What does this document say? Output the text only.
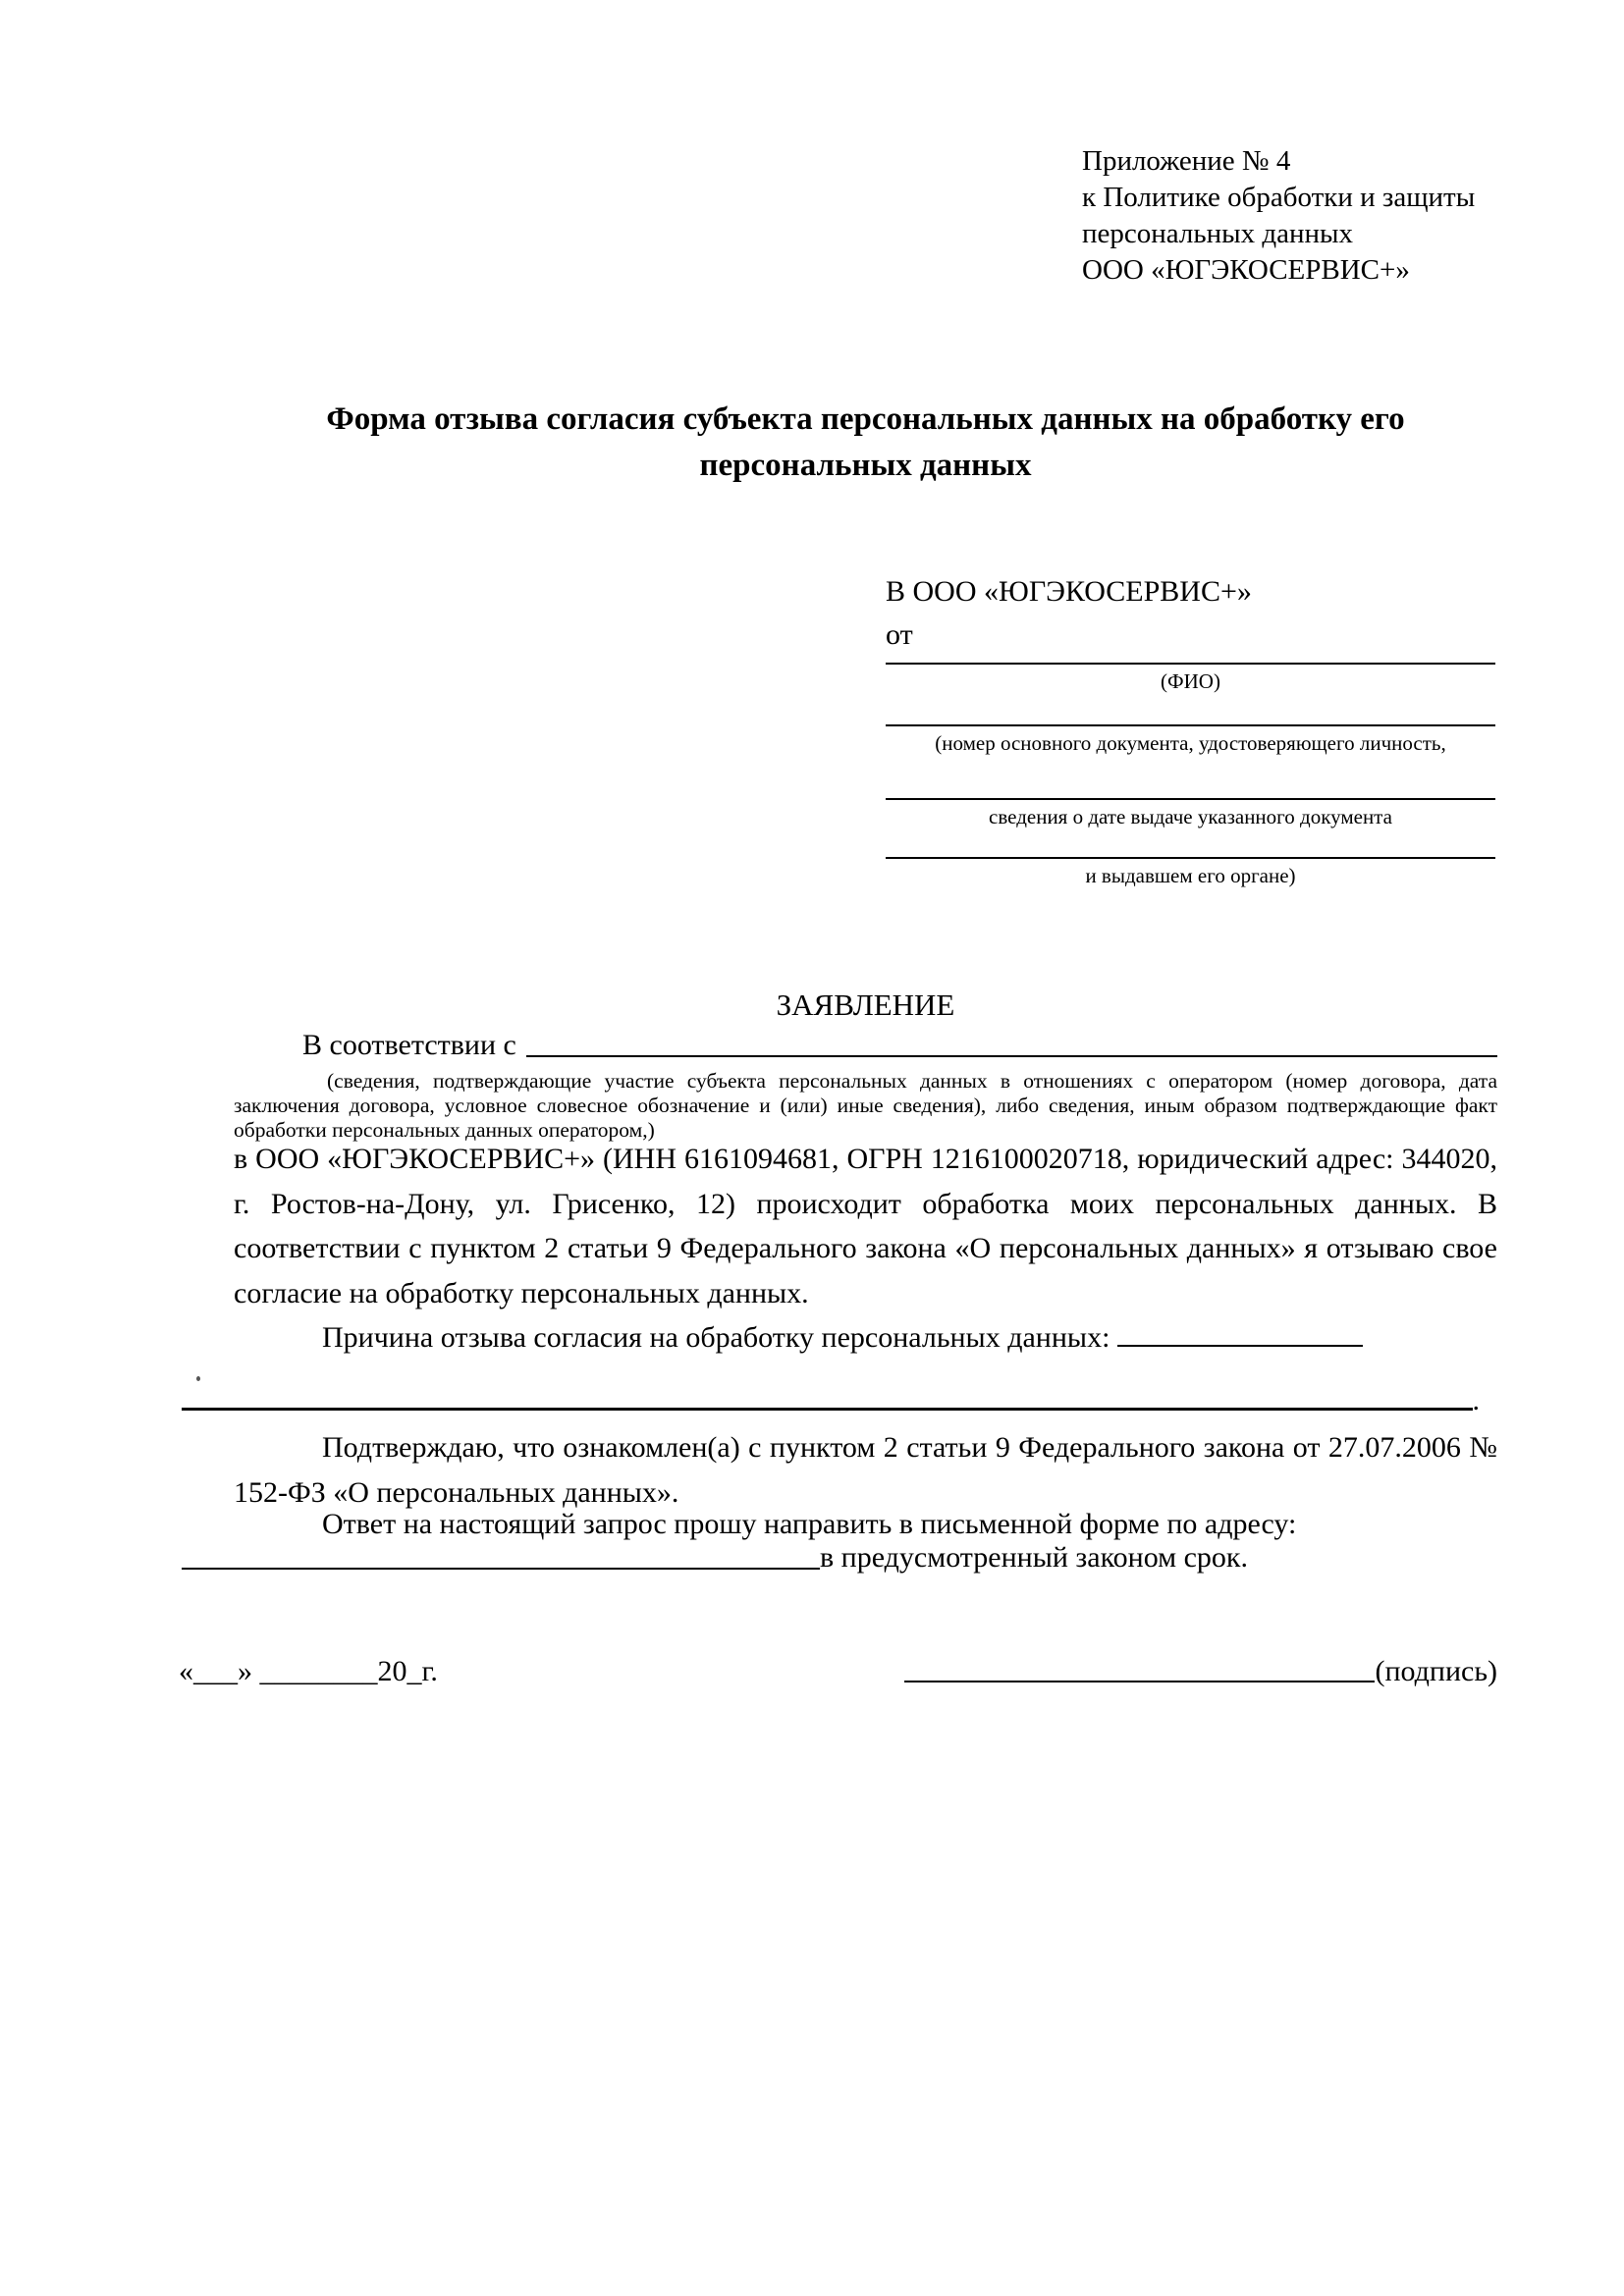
Приложение № 4
к Политике обработки и защиты
персональных данных
ООО «ЮГЭКОСЕРВИС+»
Форма отзыва согласия субъекта персональных данных на обработку его персональных данных
В ООО «ЮГЭКОСЕРВИС+»
от
(ФИО)
(номер основного документа, удостоверяющего личность,
сведения о дате выдаче указанного документа
и выдавшем его органе)
ЗАЯВЛЕНИЕ
В соответствии с
(сведения, подтверждающие участие субъекта персональных данных в отношениях с оператором (номер договора, дата заключения договора, условное словесное обозначение и (или) иные сведения), либо сведения, иным образом подтверждающие факт обработки персональных данных оператором,)

в ООО «ЮГЭКОСЕРВИС+» (ИНН 6161094681, ОГРН 1216100020718, юридический адрес: 344020, г. Ростов-на-Дону, ул. Грисенко, 12) происходит обработка моих персональных данных. В соответствии с пунктом 2 статьи 9 Федерального закона «О персональных данных» я отзываю свое согласие на обработку персональных данных.

Причина отзыва согласия на обработку персональных данных:

.
Подтверждаю, что ознакомлен(а) с пунктом 2 статьи 9 Федерального закона от 27.07.2006 № 152-ФЗ «О персональных данных».
Ответ на настоящий запрос прошу направить в письменной форме по адресу:
в предусмотренный законом срок.
«___» ________20_г.	(подпись)
